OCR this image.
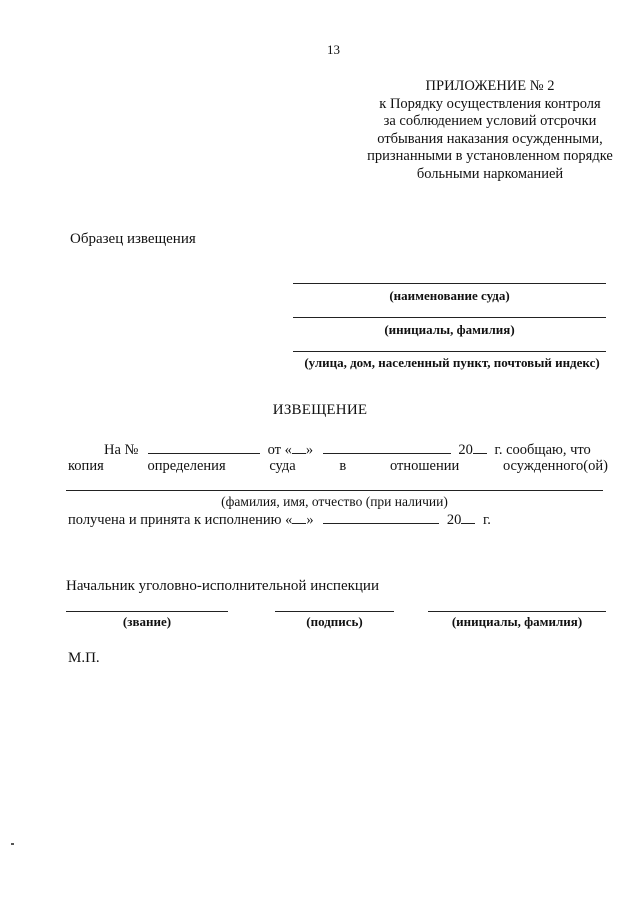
13
ПРИЛОЖЕНИЕ № 2
к Порядку осуществления контроля
за соблюдением условий отсрочки
отбывания наказания осужденными,
признанными в установленном порядке
больными наркоманией
Образец извещения
(наименование суда)
(инициалы, фамилия)
(улица, дом, населенный пункт, почтовый индекс)
ИЗВЕЩЕНИЕ
На №	от « »	20 г. сообщаю, что
копия	определения	суда	в	отношении	осужденного(ой)
(фамилия, имя, отчество (при наличии)
получена и принята к исполнению « »	20 г.
Начальник уголовно-исполнительной инспекции
(звание)	(подпись)	(инициалы, фамилия)
М.П.
